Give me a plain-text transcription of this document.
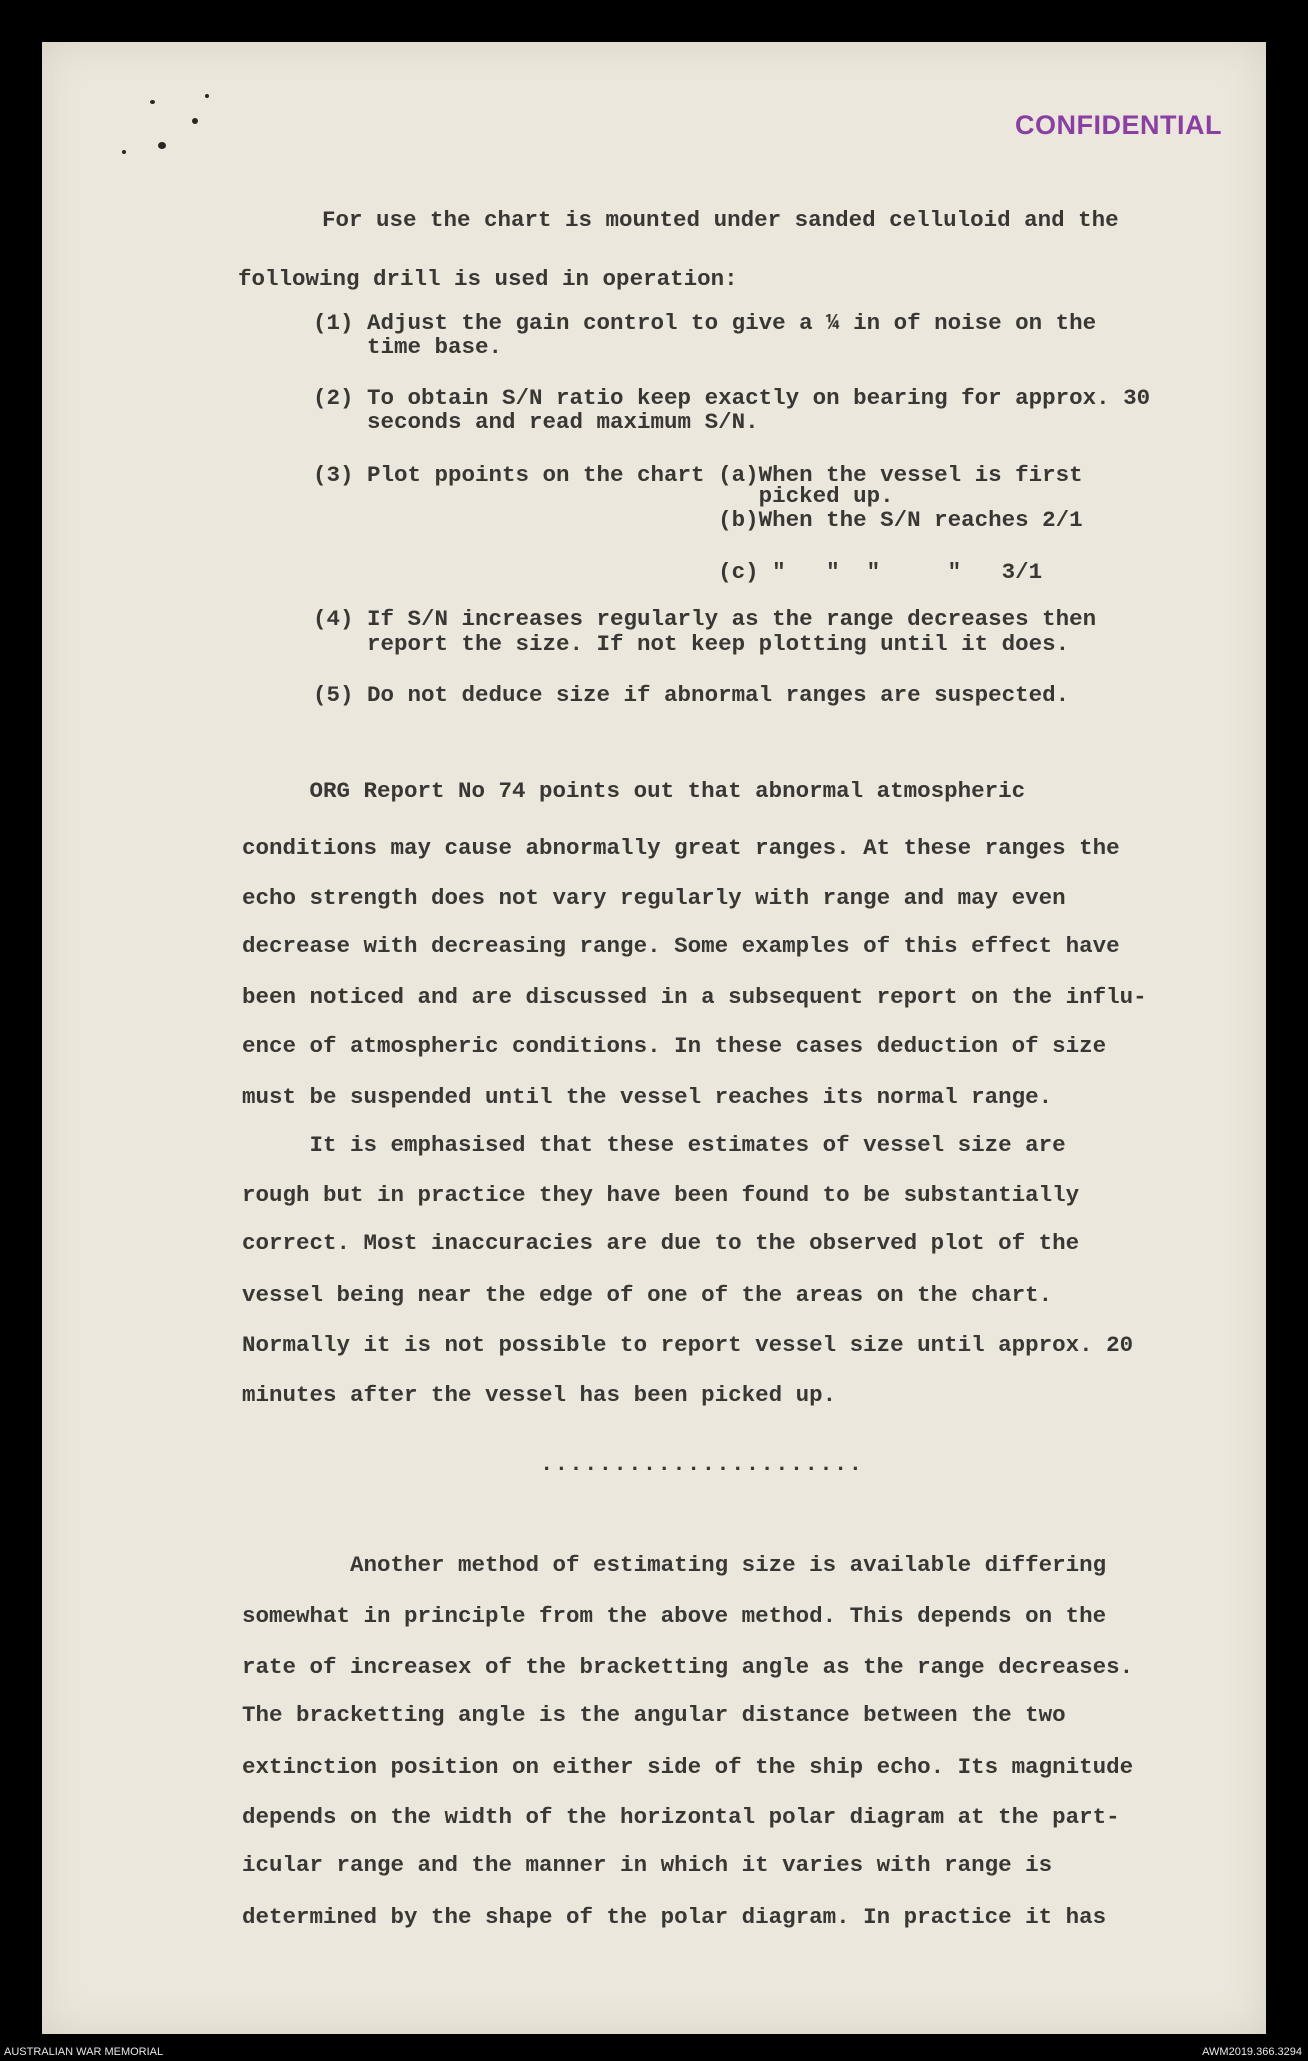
CONFIDENTIAL
For use the chart is mounted under sanded celluloid and the
following drill is used in operation:
(1) Adjust the gain control to give a ¼ in of noise on the
time base.
(2) To obtain S/N ratio keep exactly on bearing for approx. 30
seconds and read maximum S/N.
(3) Plot ppoints on the chart (a)When the vessel is first
picked up.
(b)When the S/N reaches 2/1
(c) "   "  "     "   3/1
(4) If S/N increases regularly as the range decreases then
report the size. If not keep plotting until it does.
(5) Do not deduce size if abnormal ranges are suspected.
ORG Report No 74 points out that abnormal atmospheric
conditions may cause abnormally great ranges. At these ranges the
echo strength does not vary regularly with range and may even
decrease with decreasing range. Some examples of this effect have
been noticed and are discussed in a subsequent report on the influ-
ence of atmospheric conditions. In these cases deduction of size
must be suspended until the vessel reaches its normal range.
It is emphasised that these estimates of vessel size are
rough but in practice they have been found to be substantially
correct. Most inaccuracies are due to the observed plot of the
vessel being near the edge of one of the areas on the chart.
Normally it is not possible to report vessel size until approx. 20
minutes after the vessel has been picked up.
......................
Another method of estimating size is available differing
somewhat in principle from the above method. This depends on the
rate of increasex of the bracketting angle as the range decreases.
The bracketting angle is the angular distance between the two
extinction position on either side of the ship echo. Its magnitude
depends on the width of the horizontal polar diagram at the part-
icular range and the manner in which it varies with range is
determined by the shape of the polar diagram. In practice it has
AUSTRALIAN WAR MEMORIAL	AWM2019.366.3294
